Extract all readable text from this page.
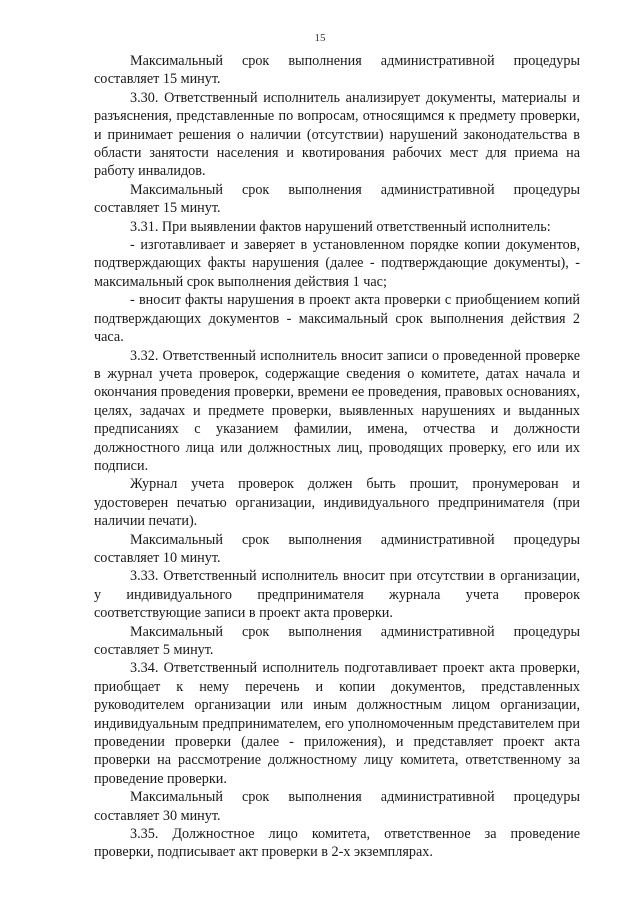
15

Максимальный срок выполнения административной процедуры составляет 15 минут.

3.30. Ответственный исполнитель анализирует документы, материалы и разъяснения, представленные по вопросам, относящимся к предмету проверки, и принимает решения о наличии (отсутствии) нарушений законодательства в области занятости населения и квотирования рабочих мест для приема на работу инвалидов.

Максимальный срок выполнения административной процедуры составляет 15 минут.

3.31. При выявлении фактов нарушений ответственный исполнитель:

- изготавливает и заверяет в установленном порядке копии документов, подтверждающих факты нарушения (далее - подтверждающие документы), - максимальный срок выполнения действия 1 час;

- вносит факты нарушения в проект акта проверки с приобщением копий подтверждающих документов - максимальный срок выполнения действия 2 часа.

3.32. Ответственный исполнитель вносит записи о проведенной проверке в журнал учета проверок, содержащие сведения о комитете, датах начала и окончания проведения проверки, времени ее проведения, правовых основаниях, целях, задачах и предмете проверки, выявленных нарушениях и выданных предписаниях с указанием фамилии, имена, отчества и должности должностного лица или должностных лиц, проводящих проверку, его или их подписи.

Журнал учета проверок должен быть прошит, пронумерован и удостоверен печатью организации, индивидуального предпринимателя (при наличии печати).

Максимальный срок выполнения административной процедуры составляет 10 минут.

3.33. Ответственный исполнитель вносит при отсутствии в организации, у индивидуального предпринимателя журнала учета проверок соответствующие записи в проект акта проверки.

Максимальный срок выполнения административной процедуры составляет 5 минут.

3.34. Ответственный исполнитель подготавливает проект акта проверки, приобщает к нему перечень и копии документов, представленных руководителем организации или иным должностным лицом организации, индивидуальным предпринимателем, его уполномоченным представителем при проведении проверки (далее - приложения), и представляет проект акта проверки на рассмотрение должностному лицу комитета, ответственному за проведение проверки.

Максимальный срок выполнения административной процедуры составляет 30 минут.

3.35. Должностное лицо комитета, ответственное за проведение проверки, подписывает акт проверки в 2-х экземплярах.
